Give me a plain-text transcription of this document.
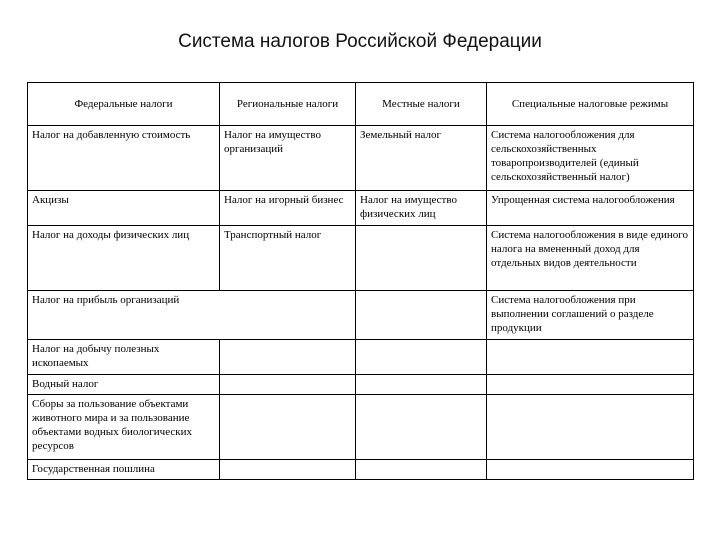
Система налогов Российской Федерации
Федеральные налоги	Региональные налоги	Местные налоги	Специальные налоговые режимы
Налог на добавленную стоимость	Налог на имущество организаций	Земельный налог	Система налогообложения для сельскохозяйственных товаропроизводителей (единый сельскохозяйственный налог)
Акцизы	Налог на игорный бизнес	Налог на имущество физических лиц	Упрощенная система налогообложения
Налог на доходы физических лиц	Транспортный налог		Система налогообложения в виде единого налога на вмененный доход для отдельных видов деятельности
Налог на прибыль организаций			Система налогообложения при выполнении соглашений о разделе продукции
Налог на добычу полезных ископаемых			
Водный налог			
Сборы за пользование объектами животного мира и за пользование объектами водных биологических ресурсов			
Государственная пошлина			
